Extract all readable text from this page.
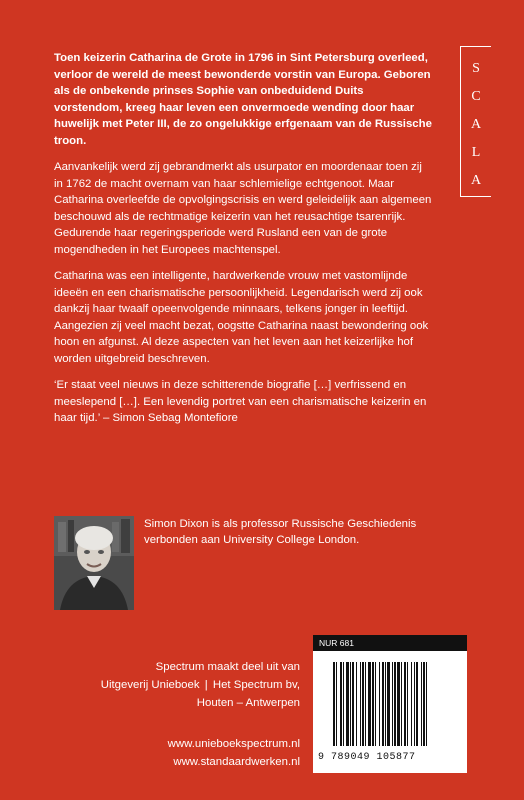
Toen keizerin Catharina de Grote in 1796 in Sint Petersburg overleed, verloor de wereld de meest bewonderde vorstin van Europa. Geboren als de onbekende prinses Sophie van onbeduidend Duits vorstendom, kreeg haar leven een onvermoede wending door haar huwelijk met Peter III, de zo ongelukkige erfgenaam van de Russische troon.

Aanvankelijk werd zij gebrandmerkt als usurpator en moordenaar toen zij in 1762 de macht overnam van haar schlemielige echtgenoot. Maar Catharina overleefde de opvolgingscrisis en werd geleidelijk aan algemeen beschouwd als de rechtmatige keizerin van het reusachtige tsarenrijk. Gedurende haar regeringsperiode werd Rusland een van de grote mogendheden in het Europees machtenspel.

Catharina was een intelligente, hardwerkende vrouw met vastomlijnde ideeën en een charismatische persoonlijkheid. Legendarisch werd zij ook dankzij haar twaalf opeenvolgende minnaars, telkens jonger in leeftijd. Aangezien zij veel macht bezat, oogstte Catharina naast bewondering ook hoon en afgunst. Al deze aspecten van het leven aan het keizerlijke hof worden uitgebreid beschreven.

‘Er staat veel nieuws in deze schitterende biografie […] verfrissend en meeslepend […]. Een levendig portret van een charismatische keizerin en haar tijd.’ – Simon Sebag Montefiore

S
C
A
L
A
Simon Dixon is als professor Russische Geschiedenis verbonden aan University College London.
Spectrum maakt deel uit van
Uitgeverij Unieboek | Het Spectrum bv,
Houten – Antwerpen
www.unieboekspectrum.nl
www.standaardwerken.nl
NUR 681
9 789049 105877
